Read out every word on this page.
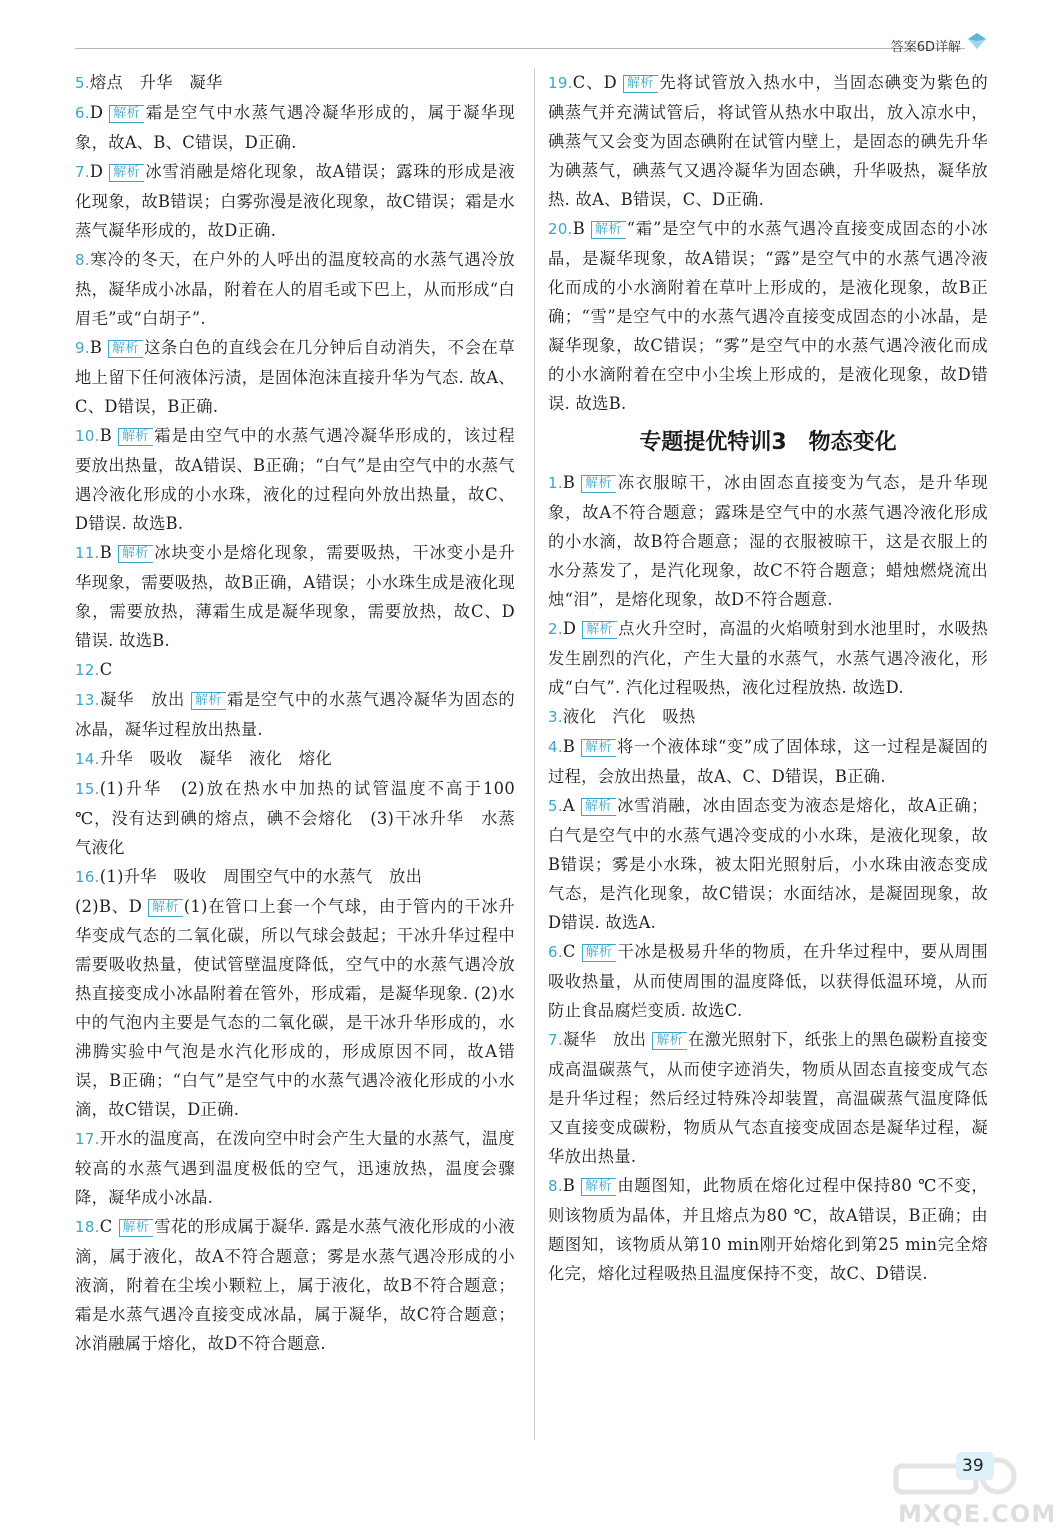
答案6D详解
5.熔点　升华　凝华
6.D 解析 霜是空气中水蒸气遇冷凝华形成的，属于凝华现象，故A、B、C错误，D正确.
7.D 解析 冰雪消融是熔化现象，故A错误；露珠的形成是液化现象，故B错误；白雾弥漫是液化现象，故C错误；霜是水蒸气凝华形成的，故D正确.
8.寒冷的冬天，在户外的人呼出的温度较高的水蒸气遇冷放热，凝华成小冰晶，附着在人的眉毛或下巴上，从而形成“白眉毛”或“白胡子”.
9.B 解析 这条白色的直线会在几分钟后自动消失，不会在草地上留下任何液体污渍，是固体泡沫直接升华为气态. 故A、C、D错误，B正确.
10.B 解析 霜是由空气中的水蒸气遇冷凝华形成的，该过程要放出热量，故A错误、B正确；“白气”是由空气中的水蒸气遇冷液化形成的小水珠，液化的过程向外放出热量，故C、D错误. 故选B.
11.B 解析 冰块变小是熔化现象，需要吸热，干冰变小是升华现象，需要吸热，故B正确，A错误；小水珠生成是液化现象，需要放热，薄霜生成是凝华现象，需要放热，故C、D错误. 故选B.
12.C
13.凝华　放出 解析 霜是空气中的水蒸气遇冷凝华为固态的冰晶，凝华过程放出热量.
14.升华　吸收　凝华　液化　熔化
15.(1)升华　(2)放在热水中加热的试管温度不高于100 ℃，没有达到碘的熔点，碘不会熔化　(3)干冰升华　水蒸气液化
16.(1)升华　吸收　周围空气中的水蒸气　放出
(2)B、D 解析 (1)在管口上套一个气球，由于管内的干冰升华变成气态的二氧化碳，所以气球会鼓起；干冰升华过程中需要吸收热量，使试管壁温度降低，空气中的水蒸气遇冷放热直接变成小冰晶附着在管外，形成霜，是凝华现象. (2)水中的气泡内主要是气态的二氧化碳，是干冰升华形成的，水沸腾实验中气泡是水汽化形成的，形成原因不同，故A错误，B正确；“白气”是空气中的水蒸气遇冷液化形成的小水滴，故C错误，D正确.
17.开水的温度高，在泼向空中时会产生大量的水蒸气，温度较高的水蒸气遇到温度极低的空气，迅速放热，温度会骤降，凝华成小冰晶.
18.C 解析 雪花的形成属于凝华. 露是水蒸气液化形成的小液滴，属于液化，故A不符合题意；雾是水蒸气遇冷形成的小液滴，附着在尘埃小颗粒上，属于液化，故B不符合题意；霜是水蒸气遇冷直接变成冰晶，属于凝华，故C符合题意；冰消融属于熔化，故D不符合题意.
19.C、D 解析 先将试管放入热水中，当固态碘变为紫色的碘蒸气并充满试管后，将试管从热水中取出，放入凉水中，碘蒸气又会变为固态碘附在试管内壁上，是固态的碘先升华为碘蒸气，碘蒸气又遇冷凝华为固态碘，升华吸热，凝华放热. 故A、B错误，C、D正确.
20.B 解析 “霜”是空气中的水蒸气遇冷直接变成固态的小冰晶，是凝华现象，故A错误；“露”是空气中的水蒸气遇冷液化而成的小水滴附着在草叶上形成的，是液化现象，故B正确；“雪”是空气中的水蒸气遇冷直接变成固态的小冰晶，是凝华现象，故C错误；“雾”是空气中的水蒸气遇冷液化而成的小水滴附着在空中小尘埃上形成的，是液化现象，故D错误. 故选B.
专题提优特训3　物态变化
1.B 解析 冻衣服晾干，冰由固态直接变为气态，是升华现象，故A不符合题意；露珠是空气中的水蒸气遇冷液化形成的小水滴，故B符合题意；湿的衣服被晾干，这是衣服上的水分蒸发了，是汽化现象，故C不符合题意；蜡烛燃烧流出烛“泪”，是熔化现象，故D不符合题意.
2.D 解析 点火升空时，高温的火焰喷射到水池里时，水吸热发生剧烈的汽化，产生大量的水蒸气，水蒸气遇冷液化，形成“白气”. 汽化过程吸热，液化过程放热. 故选D.
3.液化　汽化　吸热
4.B 解析 将一个液体球“变”成了固体球，这一过程是凝固的过程，会放出热量，故A、C、D错误，B正确.
5.A 解析 冰雪消融，冰由固态变为液态是熔化，故A正确；白气是空气中的水蒸气遇冷变成的小水珠，是液化现象，故B错误；雾是小水珠，被太阳光照射后，小水珠由液态变成气态，是汽化现象，故C错误；水面结冰，是凝固现象，故D错误. 故选A.
6.C 解析 干冰是极易升华的物质，在升华过程中，要从周围吸收热量，从而使周围的温度降低，以获得低温环境，从而防止食品腐烂变质. 故选C.
7.凝华　放出 解析 在激光照射下，纸张上的黑色碳粉直接变成高温碳蒸气，从而使字迹消失，物质从固态直接变成气态是升华过程；然后经过特殊冷却装置，高温碳蒸气温度降低又直接变成碳粉，物质从气态直接变成固态是凝华过程，凝华放出热量.
8.B 解析 由题图知，此物质在熔化过程中保持80 ℃不变，则该物质为晶体，并且熔点为80 ℃，故A错误，B正确；由题图知，该物质从第10 min刚开始熔化到第25 min完全熔化完，熔化过程吸热且温度保持不变，故C、D错误.
MXQE.COM
39
